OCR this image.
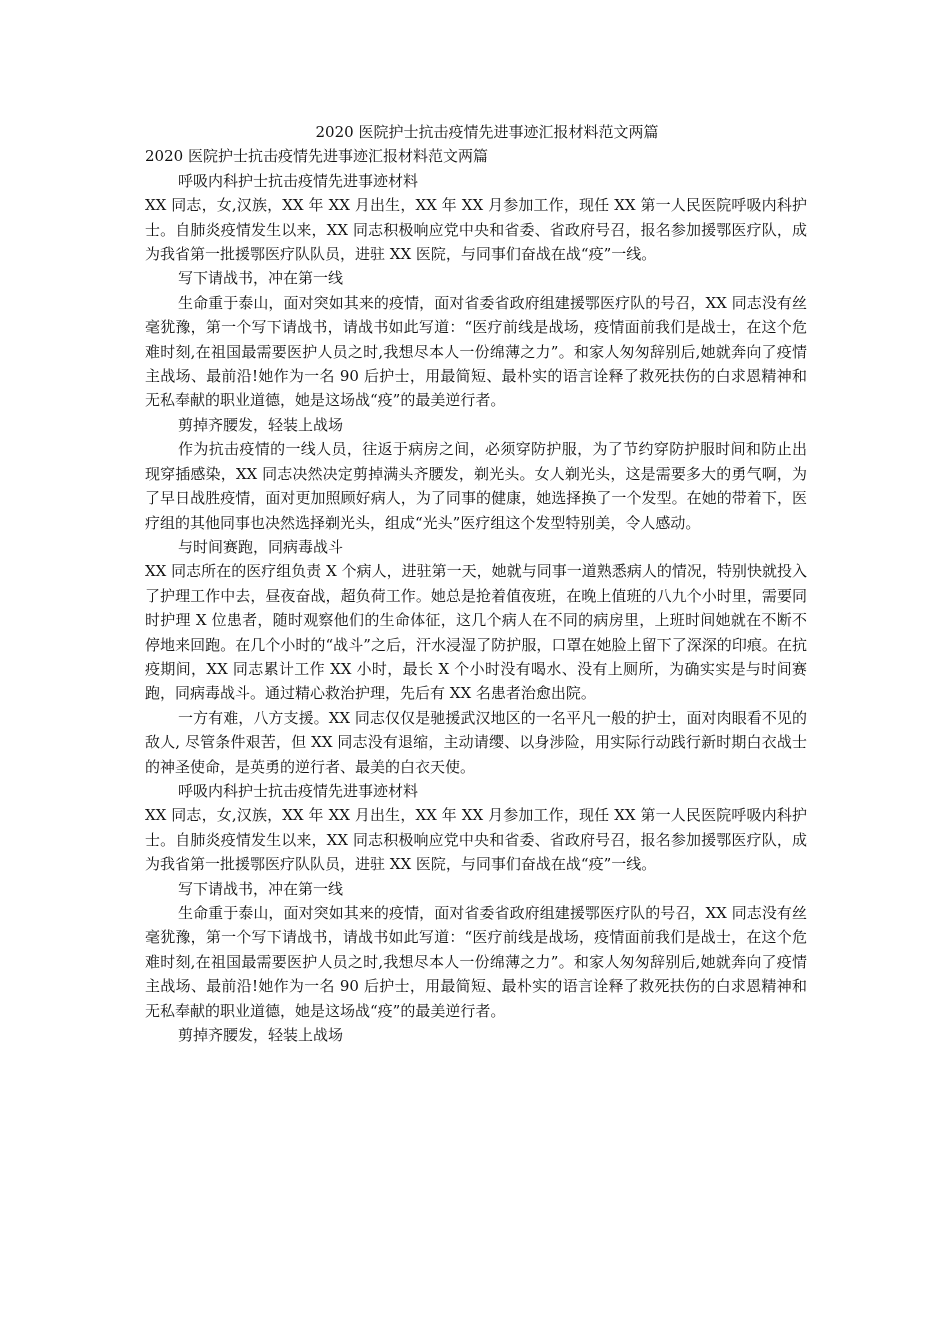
2020 医院护士抗击疫情先进事迹汇报材料范文两篇

2020 医院护士抗击疫情先进事迹汇报材料范文两篇

呼吸内科护士抗击疫情先进事迹材料

XX 同志，女,汉族，XX 年 XX 月出生，XX 年 XX 月参加工作，现任 XX 第一人民医院呼吸内科护士。自肺炎疫情发生以来，XX 同志积极响应党中央和省委、省政府号召，报名参加援鄂医疗队，成为我省第一批援鄂医疗队队员，进驻 XX 医院，与同事们奋战在战“疫”一线。

写下请战书，冲在第一线

生命重于泰山，面对突如其来的疫情，面对省委省政府组建援鄂医疗队的号召，XX 同志没有丝毫犹豫，第一个写下请战书，请战书如此写道：“医疗前线是战场，疫情面前我们是战士，在这个危难时刻,在祖国最需要医护人员之时,我想尽本人一份绵薄之力”。和家人匆匆辞别后,她就奔向了疫情主战场、最前沿!她作为一名 90 后护士，用最简短、最朴实的语言诠释了救死扶伤的白求恩精神和无私奉献的职业道德，她是这场战“疫”的最美逆行者。

剪掉齐腰发，轻装上战场

作为抗击疫情的一线人员，往返于病房之间，必须穿防护服，为了节约穿防护服时间和防止出现穿插感染，XX 同志决然决定剪掉满头齐腰发，剃光头。女人剃光头，这是需要多大的勇气啊，为了早日战胜疫情，面对更加照顾好病人，为了同事的健康，她选择换了一个发型。在她的带着下，医疗组的其他同事也决然选择剃光头，组成“光头”医疗组这个发型特别美，令人感动。

与时间赛跑，同病毒战斗

XX 同志所在的医疗组负责 X 个病人，进驻第一天，她就与同事一道熟悉病人的情况，特别快就投入了护理工作中去，昼夜奋战，超负荷工作。她总是抢着值夜班，在晚上值班的八九个小时里，需要同时护理 X 位患者，随时观察他们的生命体征，这几个病人在不同的病房里，上班时间她就在不断不停地来回跑。在几个小时的“战斗”之后，汗水浸湿了防护服，口罩在她脸上留下了深深的印痕。在抗疫期间，XX 同志累计工作 XX 小时，最长 X 个小时没有喝水、没有上厕所，为确实实是与时间赛跑，同病毒战斗。通过精心救治护理，先后有 XX 名患者治愈出院。

一方有难，八方支援。XX 同志仅仅是驰援武汉地区的一名平凡一般的护士，面对肉眼看不见的敌人, 尽管条件艰苦，但 XX 同志没有退缩，主动请缨、以身涉险，用实际行动践行新时期白衣战士的神圣使命，是英勇的逆行者、最美的白衣天使。

呼吸内科护士抗击疫情先进事迹材料

XX 同志，女,汉族，XX 年 XX 月出生，XX 年 XX 月参加工作，现任 XX 第一人民医院呼吸内科护士。自肺炎疫情发生以来，XX 同志积极响应党中央和省委、省政府号召，报名参加援鄂医疗队，成为我省第一批援鄂医疗队队员，进驻 XX 医院，与同事们奋战在战“疫”一线。

写下请战书，冲在第一线

生命重于泰山，面对突如其来的疫情，面对省委省政府组建援鄂医疗队的号召，XX 同志没有丝毫犹豫，第一个写下请战书，请战书如此写道：“医疗前线是战场，疫情面前我们是战士，在这个危难时刻,在祖国最需要医护人员之时,我想尽本人一份绵薄之力”。和家人匆匆辞别后,她就奔向了疫情主战场、最前沿!她作为一名 90 后护士，用最简短、最朴实的语言诠释了救死扶伤的白求恩精神和无私奉献的职业道德，她是这场战“疫”的最美逆行者。

剪掉齐腰发，轻装上战场
